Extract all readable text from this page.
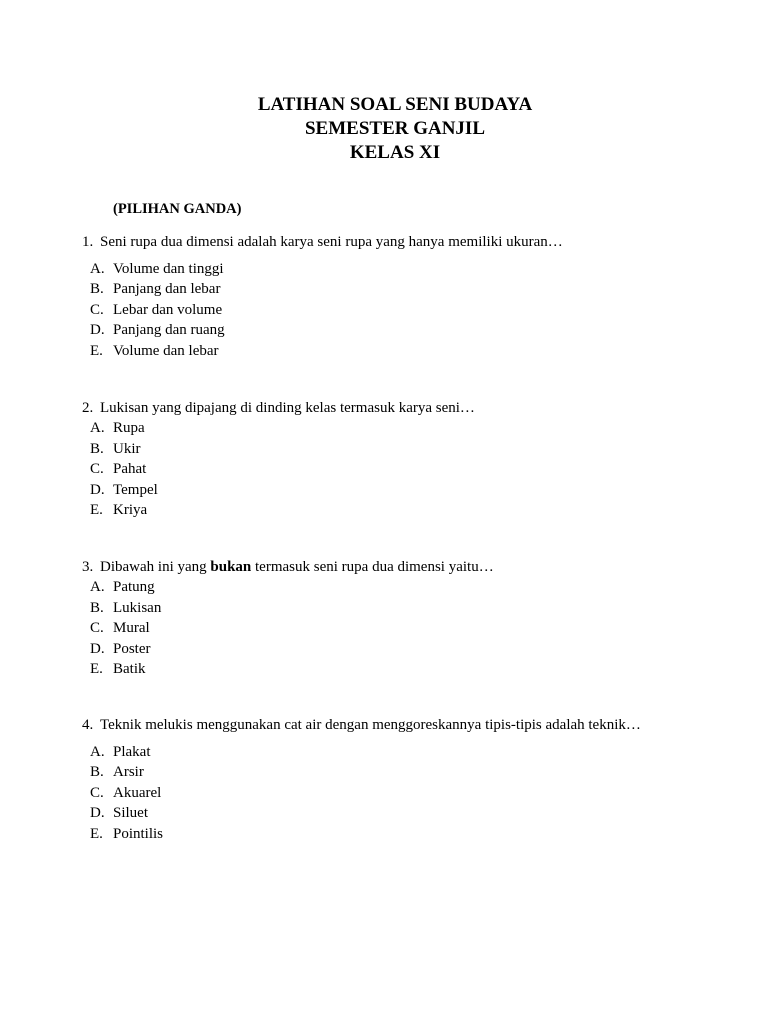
LATIHAN SOAL SENI BUDAYA
SEMESTER GANJIL
KELAS XI
(PILIHAN GANDA)
1. Seni rupa dua dimensi adalah karya seni rupa yang hanya memiliki ukuran…
A. Volume dan tinggi
B. Panjang dan lebar
C. Lebar dan volume
D. Panjang dan ruang
E. Volume dan lebar
2. Lukisan yang dipajang di dinding kelas termasuk karya seni…
A. Rupa
B. Ukir
C. Pahat
D. Tempel
E. Kriya
3. Dibawah ini yang bukan termasuk seni rupa dua dimensi yaitu…
A. Patung
B. Lukisan
C. Mural
D. Poster
E. Batik
4. Teknik melukis menggunakan cat air dengan menggoreskannya tipis-tipis adalah teknik…
A. Plakat
B. Arsir
C. Akuarel
D. Siluet
E. Pointilis
